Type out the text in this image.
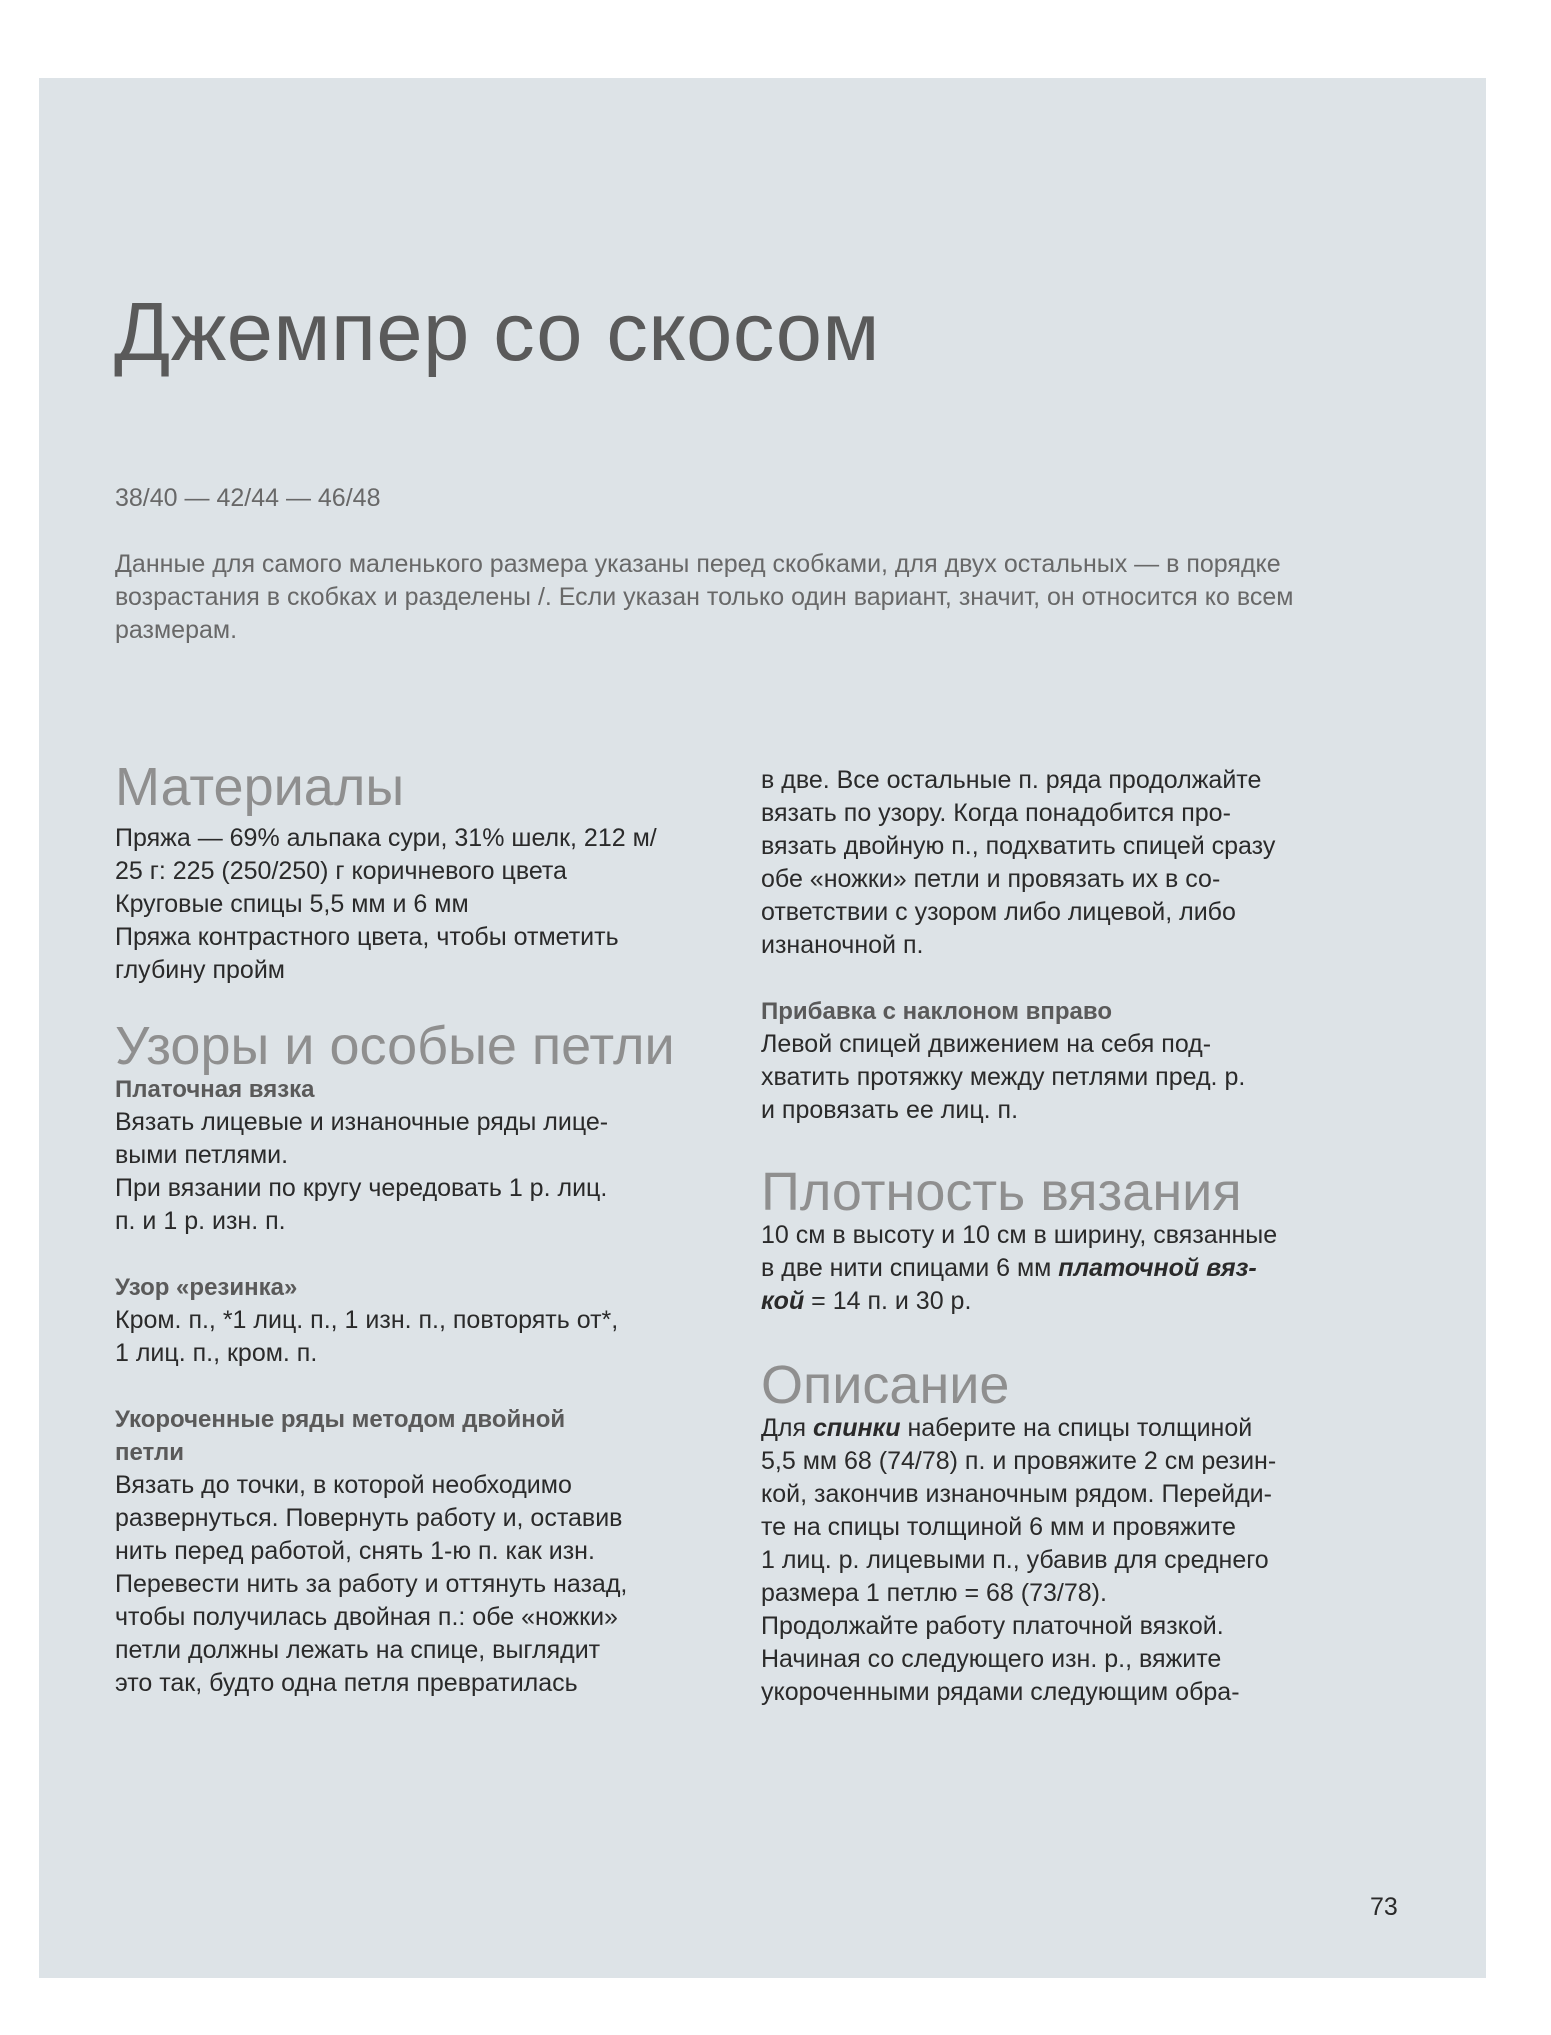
Джемпер со скосом

38/40 — 42/44 — 46/48

Данные для самого маленького размера указаны перед скобками, для двух остальных — в порядке возрастания в скобках и разделены /. Если указан только один вариант, значит, он относится ко всем размерам.

Материалы
Пряжа — 69% альпака сури, 31% шелк, 212 м/
25 г: 225 (250/250) г коричневого цвета
Круговые спицы 5,5 мм и 6 мм
Пряжа контрастного цвета, чтобы отметить
глубину пройм
Узоры и особые петли
Платочная вязка
Вязать лицевые и изнаночные ряды лице-
выми петлями.
При вязании по кругу чередовать 1 р. лиц.
п. и 1 р. изн. п.
Узор «резинка»
Кром. п., *1 лиц. п., 1 изн. п., повторять от*,
1 лиц. п., кром. п.
Укороченные ряды методом двойной
петли
Вязать до точки, в которой необходимо
развернуться. Повернуть работу и, оставив
нить перед работой, снять 1-ю п. как изн.
Перевести нить за работу и оттянуть назад,
чтобы получилась двойная п.: обе «ножки»
петли должны лежать на спице, выглядит
это так, будто одна петля превратилась
в две. Все остальные п. ряда продолжайте
вязать по узору. Когда понадобится про-
вязать двойную п., подхватить спицей сразу
обе «ножки» петли и провязать их в со-
ответствии с узором либо лицевой, либо
изнаночной п.
Прибавка с наклоном вправо
Левой спицей движением на себя под-
хватить протяжку между петлями пред. р.
и провязать ее лиц. п.
Плотность вязания
10 см в высоту и 10 см в ширину, связанные
в две нити спицами 6 мм платочной вяз-
кой = 14 п. и 30 р.
Описание
Для спинки наберите на спицы толщиной
5,5 мм 68 (74/78) п. и провяжите 2 см резин-
кой, закончив изнаночным рядом. Перейди-
те на спицы толщиной 6 мм и провяжите
1 лиц. р. лицевыми п., убавив для среднего
размера 1 петлю = 68 (73/78).
Продолжайте работу платочной вязкой.
Начиная со следующего изн. р., вяжите
укороченными рядами следующим обра-
73
